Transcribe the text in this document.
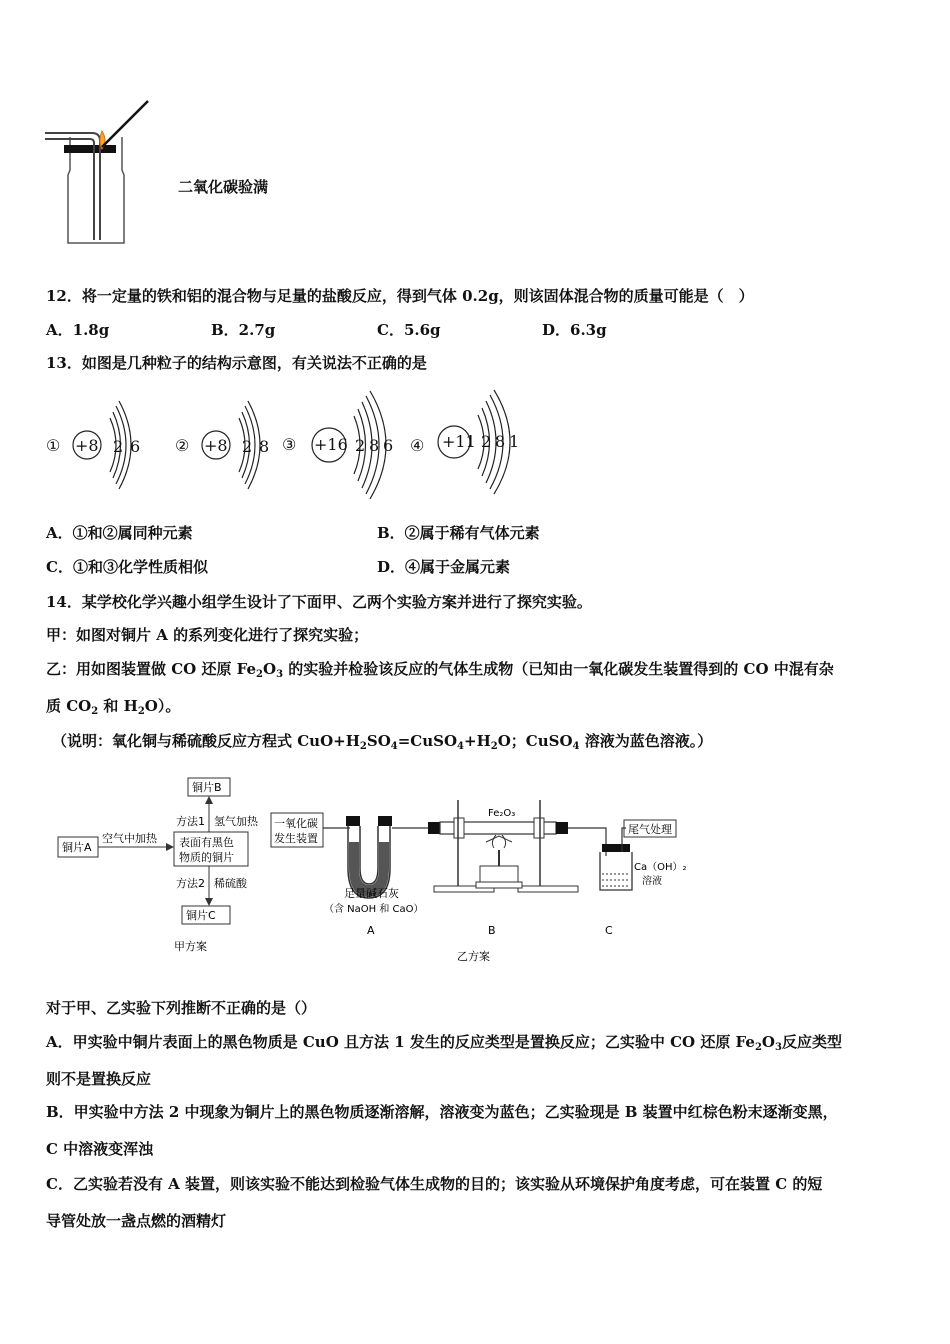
二氧化碳验满
12．将一定量的铁和铝的混合物与足量的盐酸反应，得到气体 0.2g，则该固体混合物的质量可能是（　）
A．1.8g	B．2.7g	C．5.6g	D．6.3g
13．如图是几种粒子的结构示意图，有关说法不正确的是
① +8 2 6 ② +8 2 8 ③ +16 2 8 6 ④ +11 2 8 1
A．①和②属同种元素	B．②属于稀有气体元素
C．①和③化学性质相似	D．④属于金属元素
14．某学校化学兴趣小组学生设计了下面甲、乙两个实验方案并进行了探究实验。
甲：如图对铜片 A 的系列变化进行了探究实验；
乙：用如图装置做 CO 还原 $Fe_2O_3$ 的实验并检验该反应的气体生成物（已知由一氧化碳发生装置得到的 CO 中混有杂
质 $CO_2$ 和 $H_2O$）。
（说明：氧化铜与稀硫酸反应方程式 $CuO+H_2SO_4=CuSO_4+H_2O$；CuSO$_4$ 溶液为蓝色溶液。）
铜片A
空气中加热 表面有黑色
物质的铜片
铜片B
方法1 氢气加热
方法2 稀硫酸
铜片C
甲方案
一氧化碳
发生装置
足量碱石灰
（含 NaOH 和 CaO）
A
Fe₂O₃
B
尾气处理
Ca（OH）₂
溶液
C
乙方案
对于甲、乙实验下列推断不正确的是（）
A．甲实验中铜片表面上的黑色物质是 CuO 且方法 1 发生的反应类型是置换反应；乙实验中 CO 还原 $Fe_2O_3$反应类型
则不是置换反应
B．甲实验中方法 2 中现象为铜片上的黑色物质逐渐溶解，溶液变为蓝色；乙实验现是 B 装置中红棕色粉末逐渐变黑，
C 中溶液变浑浊
C．乙实验若没有 A 装置，则该实验不能达到检验气体生成物的目的；该实验从环境保护角度考虑，可在装置 C 的短
导管处放一盏点燃的酒精灯
